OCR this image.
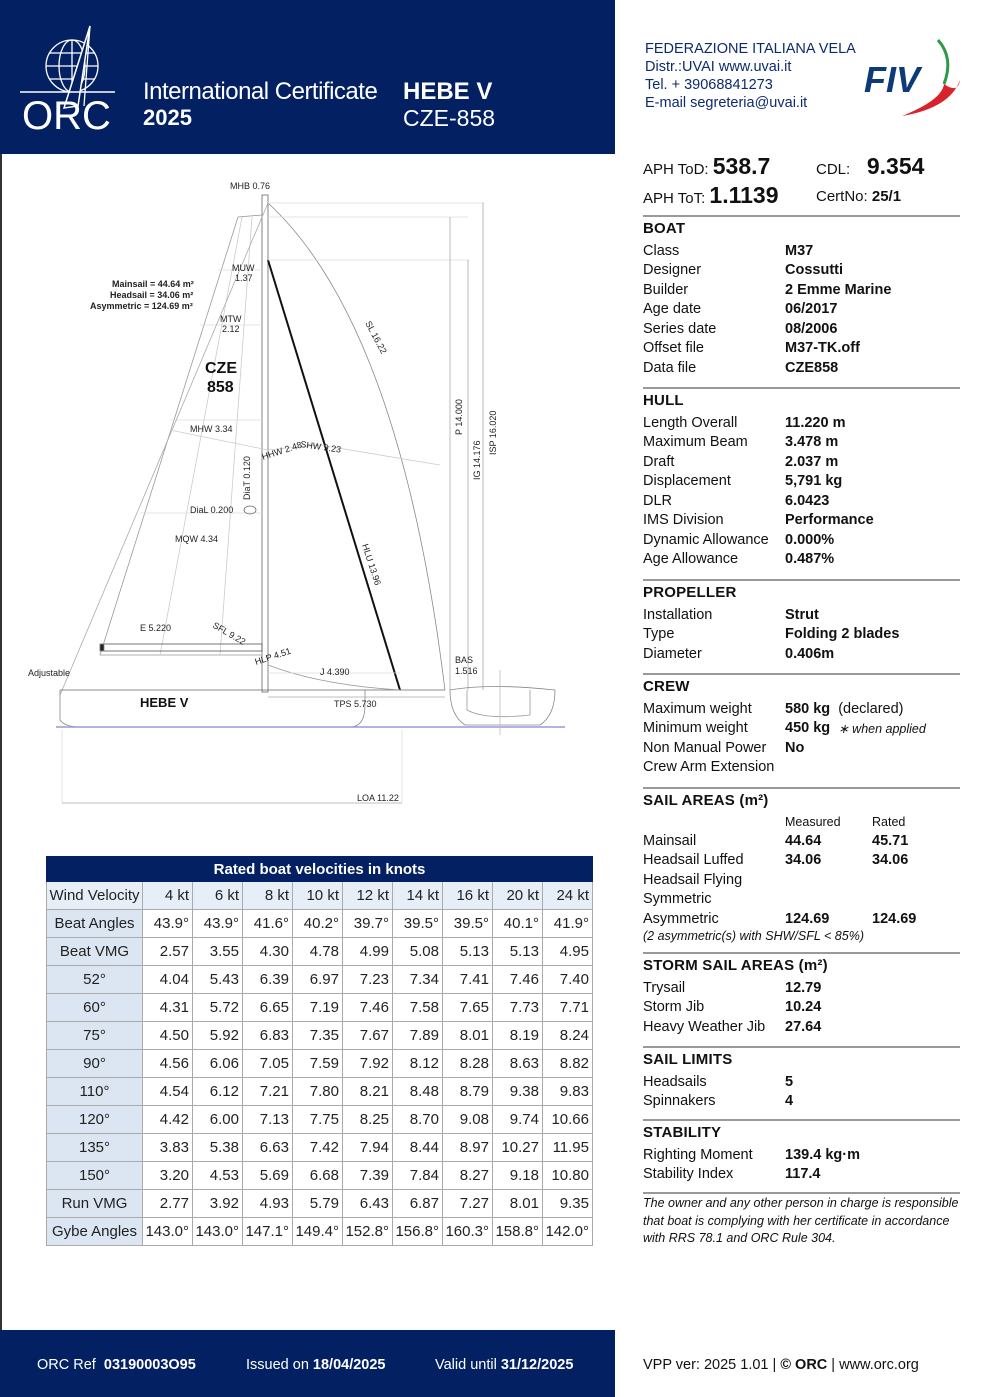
ORC
International Certificate
2025
HEBE V
CZE-858
FEDERAZIONE ITALIANA VELA
Distr.:UVAI www.uvai.it
Tel. + 39068841273
E-mail segreteria@uvai.it
FIV
APH ToD: 538.7
APH ToT: 1.1139
CDL: 9.354
CertNo: 25/1
BOAT
Class	M37
Designer	Cossutti
Builder	2 Emme Marine
Age date	06/2017
Series date	08/2006
Offset file	M37-TK.off
Data file	CZE858
HULL
Length Overall	11.220 m
Maximum Beam	3.478 m
Draft	2.037 m
Displacement	5,791 kg
DLR	6.0423
IMS Division	Performance
Dynamic Allowance	0.000%
Age Allowance	0.487%
PROPELLER
Installation	Strut
Type	Folding 2 blades
Diameter	0.406m
CREW
Maximum weight	580 kg
(declared)
Minimum weight	450 kg
∗ when applied
Non Manual Power	No
Crew Arm Extension
SAIL AREAS (m²)
Measured	Rated
Mainsail	44.64	45.71
Headsail Luffed	34.06	34.06
Headsail Flying
Symmetric
Asymmetric	124.69	124.69
(2 asymmetric(s) with SHW/SFL < 85%)
STORM SAIL AREAS (m²)
Trysail	12.79
Storm Jib	10.24
Heavy Weather Jib	27.64
SAIL LIMITS
Headsails	5
Spinnakers	4
STABILITY
Righting Moment	139.4 kg·m
Stability Index	117.4
The owner and any other person in charge is responsible that boat is complying with her certificate in accordance with RRS 78.1 and ORC Rule 304.
MHB 0.76
MUW
1.37
MTW
2.12
Mainsail = 44.64 m²
Headsail = 34.06 m²
Asymmetric = 124.69 m²
CZE
858
MHW 3.34
MQW 4.34
HHW 2.48
SHW 9.23
DiaT 0.120
DiaL 0.200
SL 16.22
HLU 13.96
P 14.000
IG 14.176
ISP 16.020
E 5.220	SFL 9.22
HLP 4.51
J 4.390
BAS
1.516
TPS 5.730
LOA 11.22
Adjustable
HEBE V
Rated boat velocities in knots									
Wind Velocity	4 kt	6 kt	8 kt	10 kt	12 kt	14 kt	16 kt	20 kt	24 kt
Beat Angles	43.9°	43.9°	41.6°	40.2°	39.7°	39.5°	39.5°	40.1°	41.9°
Beat VMG	2.57	3.55	4.30	4.78	4.99	5.08	5.13	5.13	4.95
52°	4.04	5.43	6.39	6.97	7.23	7.34	7.41	7.46	7.40
60°	4.31	5.72	6.65	7.19	7.46	7.58	7.65	7.73	7.71
75°	4.50	5.92	6.83	7.35	7.67	7.89	8.01	8.19	8.24
90°	4.56	6.06	7.05	7.59	7.92	8.12	8.28	8.63	8.82
110°	4.54	6.12	7.21	7.80	8.21	8.48	8.79	9.38	9.83
120°	4.42	6.00	7.13	7.75	8.25	8.70	9.08	9.74	10.66
135°	3.83	5.38	6.63	7.42	7.94	8.44	8.97	10.27	11.95
150°	3.20	4.53	5.69	6.68	7.39	7.84	8.27	9.18	10.80
Run VMG	2.77	3.92	4.93	5.79	6.43	6.87	7.27	8.01	9.35
Gybe Angles	143.0°	143.0°	147.1°	149.4°	152.8°	156.8°	160.3°	158.8°	142.0°
ORC Ref 03190003O95	Issued on 18/04/2025	Valid until 31/12/2025	VPP ver: 2025 1.01 | © ORC | www.orc.org
